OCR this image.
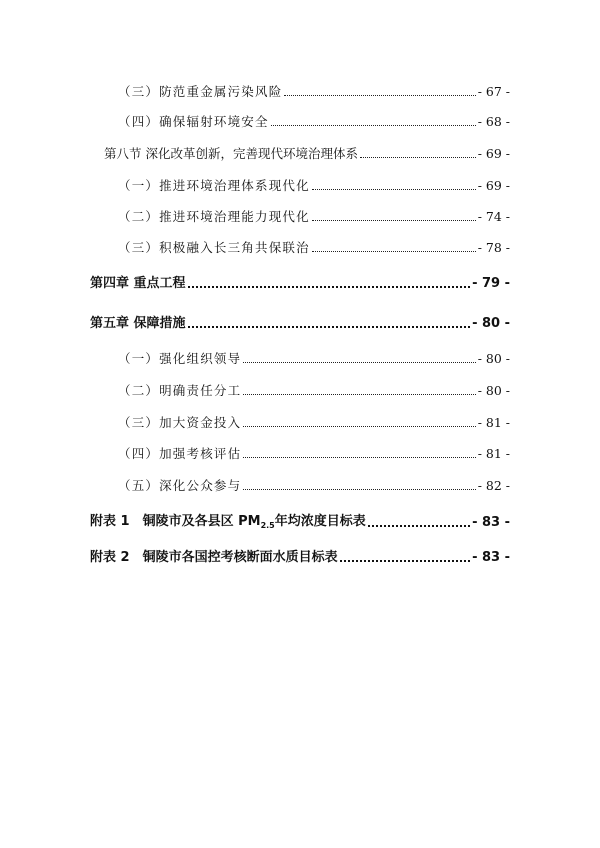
（三）防范重金属污染风险	- 67 -
（四）确保辐射环境安全	- 68 -
第八节 深化改革创新，完善现代环境治理体系	- 69 -
（一）推进环境治理体系现代化	- 69 -
（二）推进环境治理能力现代化	- 74 -
（三）积极融入长三角共保联治	- 78 -
第四章 重点工程	- 79 -
第五章 保障措施	- 80 -
（一）强化组织领导	- 80 -
（二）明确责任分工	- 80 -
（三）加大资金投入	- 81 -
（四）加强考核评估	- 81 -
（五）深化公众参与	- 82 -
附表 1　铜陵市及各县区 $PM_{2.5}$年均浓度目标表	- 83 -
附表 2　铜陵市各国控考核断面水质目标表	- 83 -
